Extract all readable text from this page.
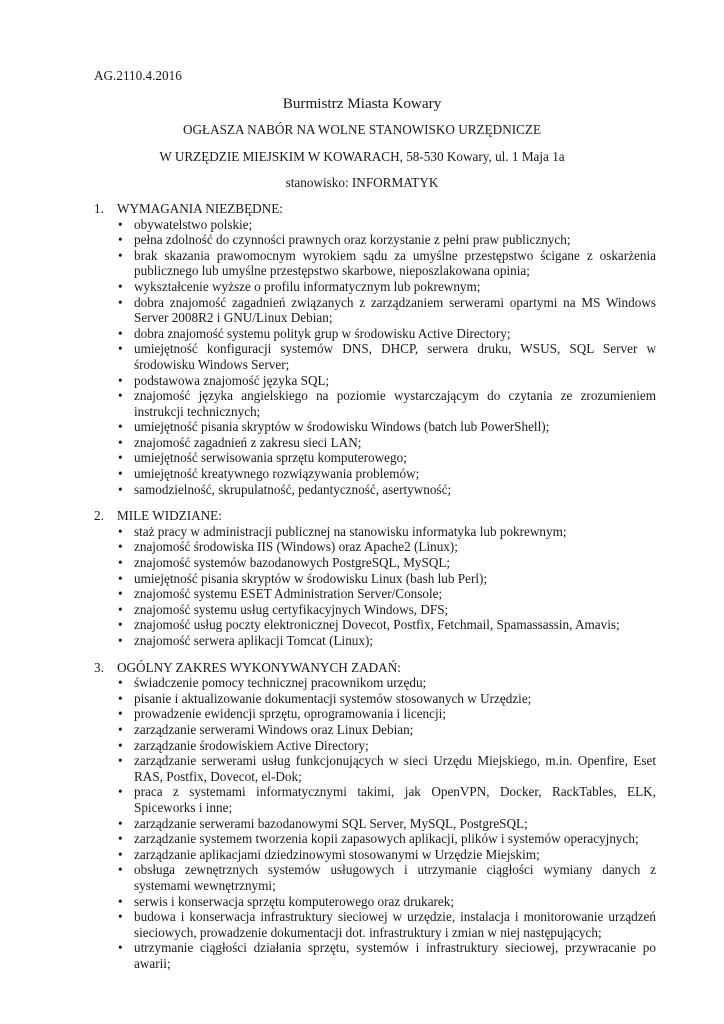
AG.2110.4.2016
Burmistrz Miasta Kowary
OGŁASZA NABÓR NA WOLNE STANOWISKO URZĘDNICZE
W URZĘDZIE MIEJSKIM W KOWARACH, 58-530 Kowary, ul. 1 Maja 1a
stanowisko: INFORMATYK
1. WYMAGANIA NIEZBĘDNE:
• obywatelstwo polskie;
• pełna zdolność do czynności prawnych oraz korzystanie z pełni praw publicznych;
• brak skazania prawomocnym wyrokiem sądu za umyślne przestępstwo ścigane z oskarżenia publicznego lub umyślne przestępstwo skarbowe, nieposzlakowana opinia;
• wykształcenie wyższe o profilu informatycznym lub pokrewnym;
• dobra znajomość zagadnień związanych z zarządzaniem serwerami opartymi na MS Windows Server 2008R2 i GNU/Linux Debian;
• dobra znajomość systemu polityk grup w środowisku Active Directory;
• umiejętność konfiguracji systemów DNS, DHCP, serwera druku, WSUS, SQL Server w środowisku Windows Server;
• podstawowa znajomość języka SQL;
• znajomość języka angielskiego na poziomie wystarczającym do czytania ze zrozumieniem instrukcji technicznych;
• umiejętność pisania skryptów w środowisku Windows (batch lub PowerShell);
• znajomość zagadnień z zakresu sieci LAN;
• umiejętność serwisowania sprzętu komputerowego;
• umiejętność kreatywnego rozwiązywania problemów;
• samodzielność, skrupulatność, pedantyczność, asertywność;
2. MILE WIDZIANE:
• staż pracy w administracji publicznej na stanowisku informatyka lub pokrewnym;
• znajomość środowiska IIS (Windows) oraz Apache2 (Linux);
• znajomość systemów bazodanowych PostgreSQL, MySQL;
• umiejętność pisania skryptów w środowisku Linux (bash lub Perl);
• znajomość systemu ESET Administration Server/Console;
• znajomość systemu usług certyfikacyjnych Windows, DFS;
• znajomość usług poczty elektronicznej Dovecot, Postfix, Fetchmail, Spamassassin, Amavis;
• znajomość serwera aplikacji Tomcat (Linux);
3. OGÓLNY ZAKRES WYKONYWANYCH ZADAŃ:
• świadczenie pomocy technicznej pracownikom urzędu;
• pisanie i aktualizowanie dokumentacji systemów stosowanych w Urzędzie;
• prowadzenie ewidencji sprzętu, oprogramowania i licencji;
• zarządzanie serwerami Windows oraz Linux Debian;
• zarządzanie środowiskiem Active Directory;
• zarządzanie serwerami usług funkcjonujących w sieci Urzędu Miejskiego, m.in. Openfire, Eset RAS, Postfix, Dovecot, el-Dok;
• praca z systemami informatycznymi takimi, jak OpenVPN, Docker, RackTables, ELK, Spiceworks i inne;
• zarządzanie serwerami bazodanowymi SQL Server, MySQL, PostgreSQL;
• zarządzanie systemem tworzenia kopii zapasowych aplikacji, plików i systemów operacyjnych;
• zarządzanie aplikacjami dziedzinowymi stosowanymi w Urzędzie Miejskim;
• obsługa zewnętrznych systemów usługowych i utrzymanie ciągłości wymiany danych z systemami wewnętrznymi;
• serwis i konserwacja sprzętu komputerowego oraz drukarek;
• budowa i konserwacja infrastruktury sieciowej w urzędzie, instalacja i monitorowanie urządzeń sieciowych, prowadzenie dokumentacji dot. infrastruktury i zmian w niej następujących;
• utrzymanie ciągłości działania sprzętu, systemów i infrastruktury sieciowej, przywracanie po awarii;
